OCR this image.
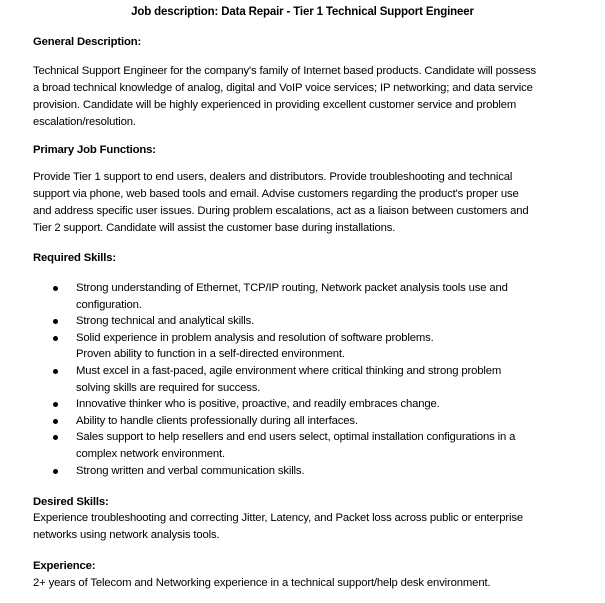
Job description: Data Repair - Tier 1 Technical Support Engineer
General Description:
Technical Support Engineer for the company's family of Internet based products. Candidate will possess
a broad technical knowledge of analog, digital and VoIP voice services; IP networking; and data service
provision. Candidate will be highly experienced in providing excellent customer service and problem
escalation/resolution.
Primary Job Functions:
Provide Tier 1 support to end users, dealers and distributors. Provide troubleshooting and technical
support via phone, web based tools and email. Advise customers regarding the product's proper use
and address specific user issues. During problem escalations, act as a liaison between customers and
Tier 2 support. Candidate will assist the customer base during installations.
Required Skills:
Strong understanding of Ethernet, TCP/IP routing, Network packet analysis tools use and
configuration.
Strong technical and analytical skills.
Solid experience in problem analysis and resolution of software problems.
Proven ability to function in a self-directed environment.
Must excel in a fast-paced, agile environment where critical thinking and strong problem
solving skills are required for success.
Innovative thinker who is positive, proactive, and readily embraces change.
Ability to handle clients professionally during all interfaces.
Sales support to help resellers and end users select, optimal installation configurations in a
complex network environment.
Strong written and verbal communication skills.
Desired Skills:
Experience troubleshooting and correcting Jitter, Latency, and Packet loss across public or enterprise
networks using network analysis tools.
Experience:
2+ years of Telecom and Networking experience in a technical support/help desk environment.
